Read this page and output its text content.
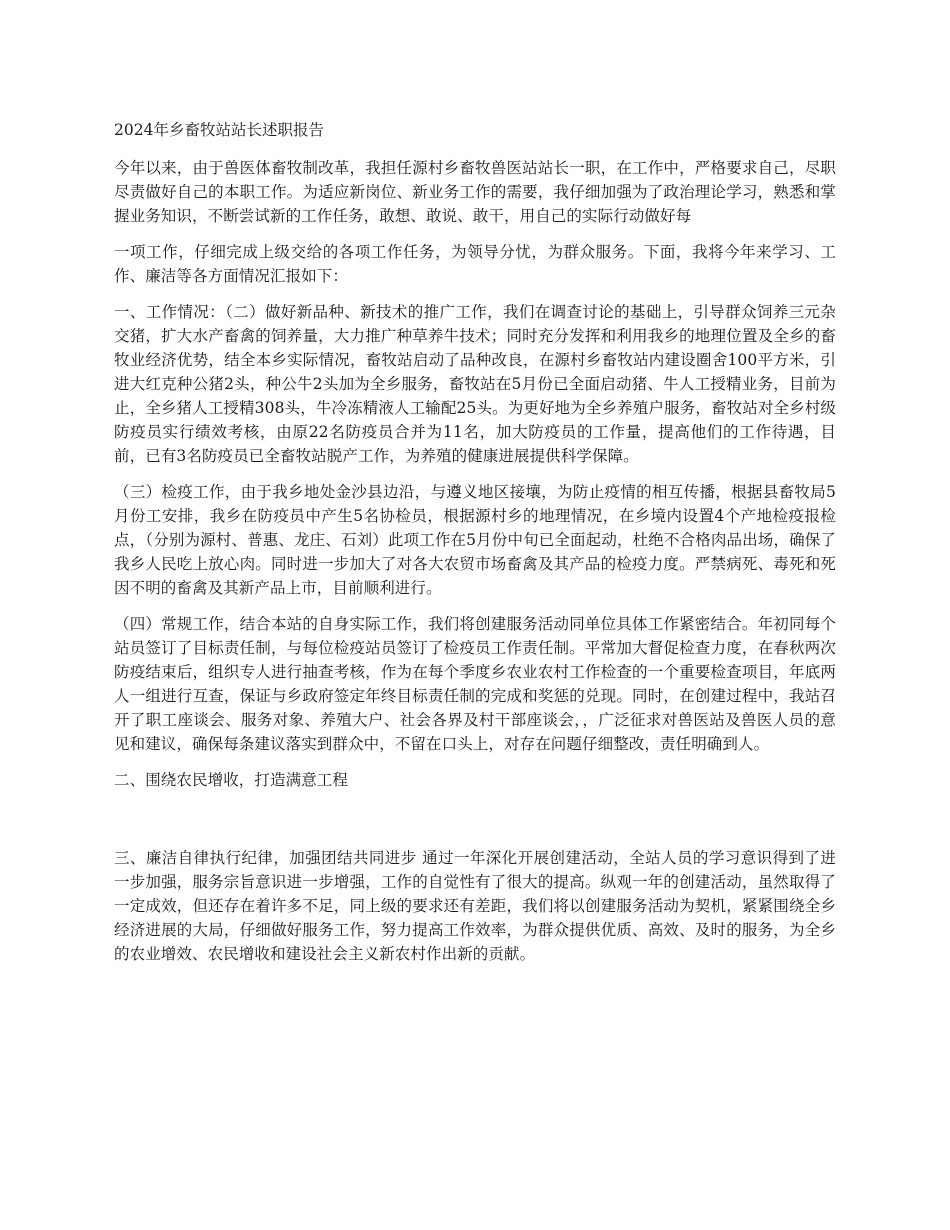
2024年乡畜牧站站长述职报告

今年以来，由于兽医体畜牧制改革，我担任源村乡畜牧兽医站站长一职，在工作中，严格要求自己，尽职尽责做好自己的本职工作。为适应新岗位、新业务工作的需要，我仔细加强为了政治理论学习，熟悉和掌握业务知识，不断尝试新的工作任务，敢想、敢说、敢干，用自己的实际行动做好每

一项工作，仔细完成上级交给的各项工作任务，为领导分忧，为群众服务。下面，我将今年来学习、工作、廉洁等各方面情况汇报如下：

一、工作情况：（二）做好新品种、新技术的推广工作，我们在调查讨论的基础上，引导群众饲养三元杂交猪，扩大水产畜禽的饲养量，大力推广种草养牛技术；同时充分发挥和利用我乡的地理位置及全乡的畜牧业经济优势，结全本乡实际情况，畜牧站启动了品种改良，在源村乡畜牧站内建设圈舍100平方米，引进大红克种公猪2头，种公牛2头加为全乡服务，畜牧站在5月份已全面启动猪、牛人工授精业务，目前为止，全乡猪人工授精308头，牛冷冻精液人工输配25头。为更好地为全乡养殖户服务，畜牧站对全乡村级防疫员实行绩效考核，由原22名防疫员合并为11名，加大防疫员的工作量，提高他们的工作待遇，目前，已有3名防疫员已全畜牧站脱产工作，为养殖的健康进展提供科学保障。

（三）检疫工作，由于我乡地处金沙县边沿，与遵义地区接壤，为防止疫情的相互传播，根据县畜牧局5月份工安排，我乡在防疫员中产生5名协检员，根据源村乡的地理情况，在乡境内设置4个产地检疫报检点，（分别为源村、普惠、龙庄、石刘）此项工作在5月份中旬已全面起动，杜绝不合格肉品出场，确保了我乡人民吃上放心肉。同时进一步加大了对各大农贸市场畜禽及其产品的检疫力度。严禁病死、毒死和死因不明的畜禽及其新产品上市，目前顺利进行。

（四）常规工作，结合本站的自身实际工作，我们将创建服务活动同单位具体工作紧密结合。年初同每个站员签订了目标责任制，与每位检疫站员签订了检疫员工作责任制。平常加大督促检查力度，在春秋两次防疫结束后，组织专人进行抽查考核，作为在每个季度乡农业农村工作检查的一个重要检查项目，年底两人一组进行互查，保证与乡政府签定年终目标责任制的完成和奖惩的兑现。同时，在创建过程中，我站召开了职工座谈会、服务对象、养殖大户、社会各界及村干部座谈会，，广泛征求对兽医站及兽医人员的意见和建议，确保每条建议落实到群众中，不留在口头上，对存在问题仔细整改，责任明确到人。

二、围绕农民增收，打造满意工程

三、廉洁自律执行纪律，加强团结共同进步 通过一年深化开展创建活动，全站人员的学习意识得到了进一步加强，服务宗旨意识进一步增强，工作的自觉性有了很大的提高。纵观一年的创建活动，虽然取得了一定成效，但还存在着许多不足，同上级的要求还有差距，我们将以创建服务活动为契机，紧紧围绕全乡经济进展的大局，仔细做好服务工作，努力提高工作效率，为群众提供优质、高效、及时的服务，为全乡的农业增效、农民增收和建设社会主义新农村作出新的贡献。
